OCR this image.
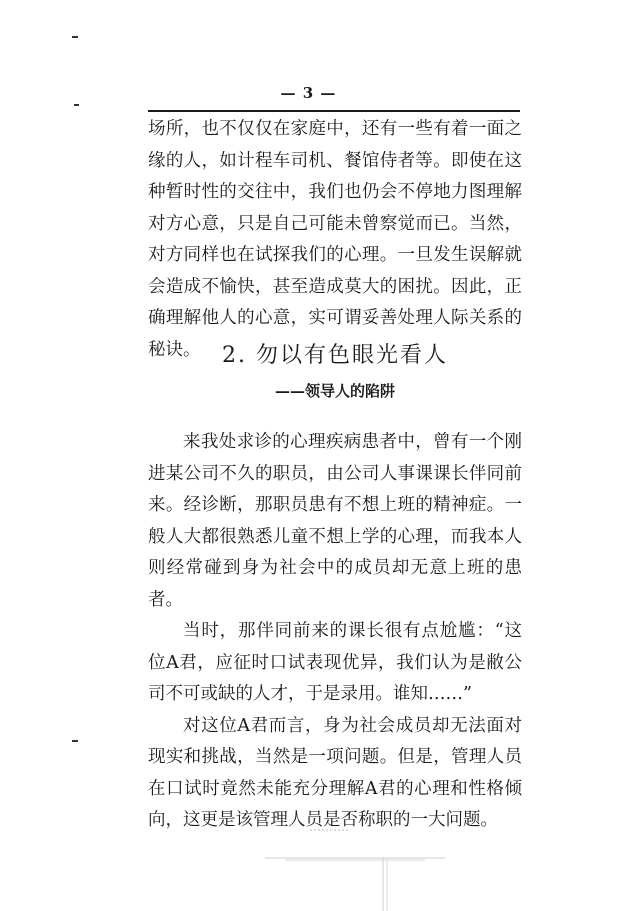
— 3 —

场所，也不仅仅在家庭中，还有一些有着一面之缘的人，如计程车司机、餐馆侍者等。即使在这种暂时性的交往中，我们也仍会不停地力图理解对方心意，只是自己可能未曾察觉而已。当然，对方同样也在试探我们的心理。一旦发生误解就会造成不愉快，甚至造成莫大的困扰。因此，正确理解他人的心意，实可谓妥善处理人际关系的秘诀。 2. 勿以有色眼光看人
——领导人的陷阱

来我处求诊的心理疾病患者中，曾有一个刚进某公司不久的职员，由公司人事课课长伴同前来。经诊断，那职员患有不想上班的精神症。一般人大都很熟悉儿童不想上学的心理，而我本人则经常碰到身为社会中的成员却无意上班的患者。

当时，那伴同前来的课长很有点尬尴：“这位A君，应征时口试表现优异，我们认为是敝公司不可或缺的人才，于是录用。谁知……”

对这位A君而言，身为社会成员却无法面对现实和挑战，当然是一项问题。但是，管理人员在口试时竟然未能充分理解A君的心理和性格倾向，这更是该管理人员是否称职的一大问题。
